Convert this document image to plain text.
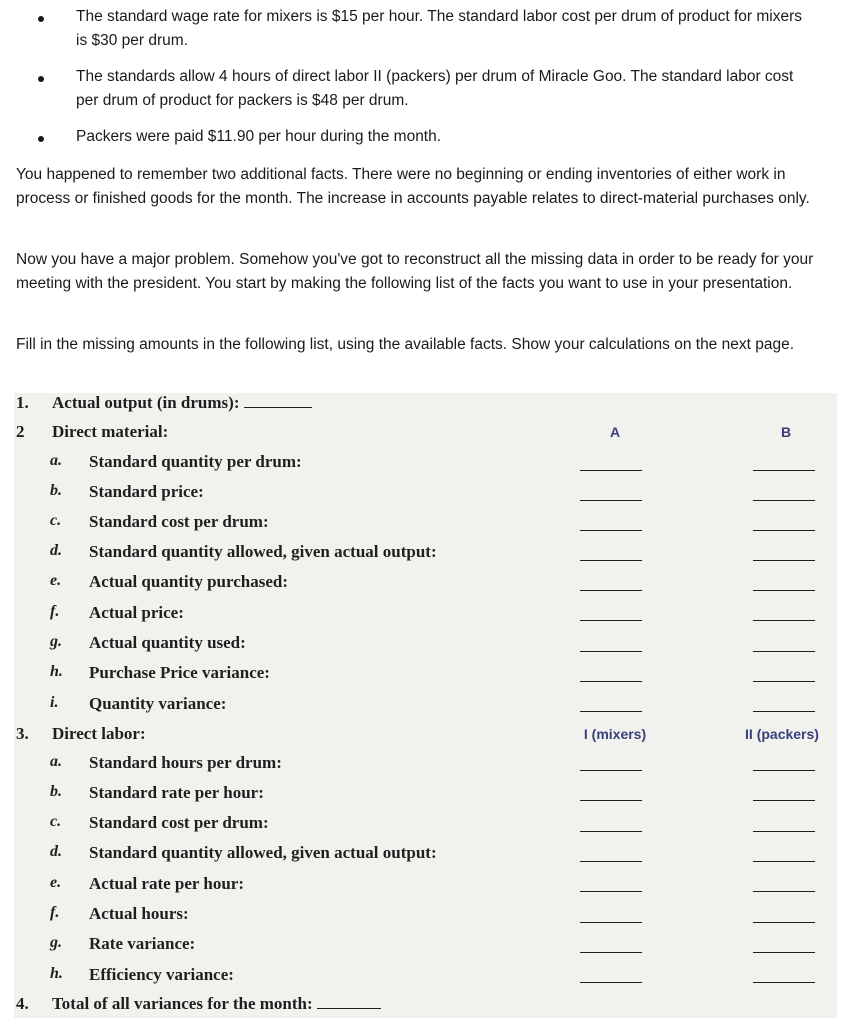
The standard wage rate for mixers is $15 per hour. The standard labor cost per drum of product for mixers is $30 per drum.
The standards allow 4 hours of direct labor II (packers) per drum of Miracle Goo. The standard labor cost per drum of product for packers is $48 per drum.
Packers were paid $11.90 per hour during the month.

You happened to remember two additional facts. There were no beginning or ending inventories of either work in process or finished goods for the month. The increase in accounts payable relates to direct-material purchases only.

Now you have a major problem. Somehow you've got to reconstruct all the missing data in order to be ready for your meeting with the president. You start by making the following list of the facts you want to use in your presentation.

Fill in the missing amounts in the following list, using the available facts. Show your calculations on the next page.

1. Actual output (in drums):
2 Direct material:	A	B
a. Standard quantity per drum:
b. Standard price:
c. Standard cost per drum:
d. Standard quantity allowed, given actual output:
e. Actual quantity purchased:
f. Actual price:
g. Actual quantity used:
h. Purchase Price variance:
i. Quantity variance:
3. Direct labor:	I (mixers)	II (packers)
a. Standard hours per drum:
b. Standard rate per hour:
c. Standard cost per drum:
d. Standard quantity allowed, given actual output:
e. Actual rate per hour:
f. Actual hours:
g. Rate variance:
h. Efficiency variance:
4. Total of all variances for the month:
